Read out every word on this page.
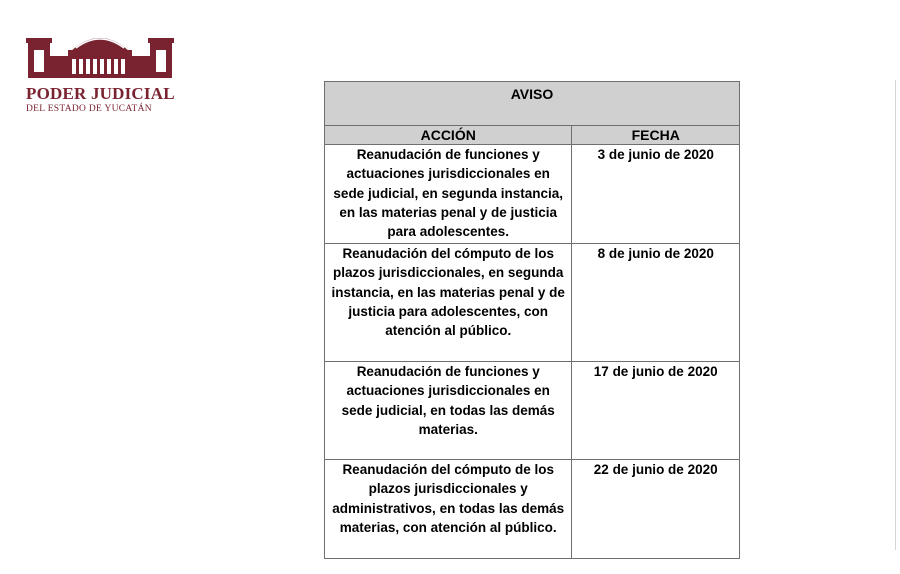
PODER JUDICIAL
DEL ESTADO DE YUCATÁN
AVISO	
ACCIÓN	FECHA
Reanudación de funciones y actuaciones jurisdiccionales en sede judicial, en segunda instancia, en las materias penal y de justicia para adolescentes.	3 de junio de 2020
Reanudación del cómputo de los plazos jurisdiccionales, en segunda instancia, en las materias penal y de justicia para adolescentes, con atención al público.	8 de junio de 2020
Reanudación de funciones y actuaciones jurisdiccionales en sede judicial, en todas las demás materias.	17 de junio de 2020
Reanudación del cómputo de los plazos jurisdiccionales y administrativos, en todas las demás materias, con atención al público.	22 de junio de 2020
